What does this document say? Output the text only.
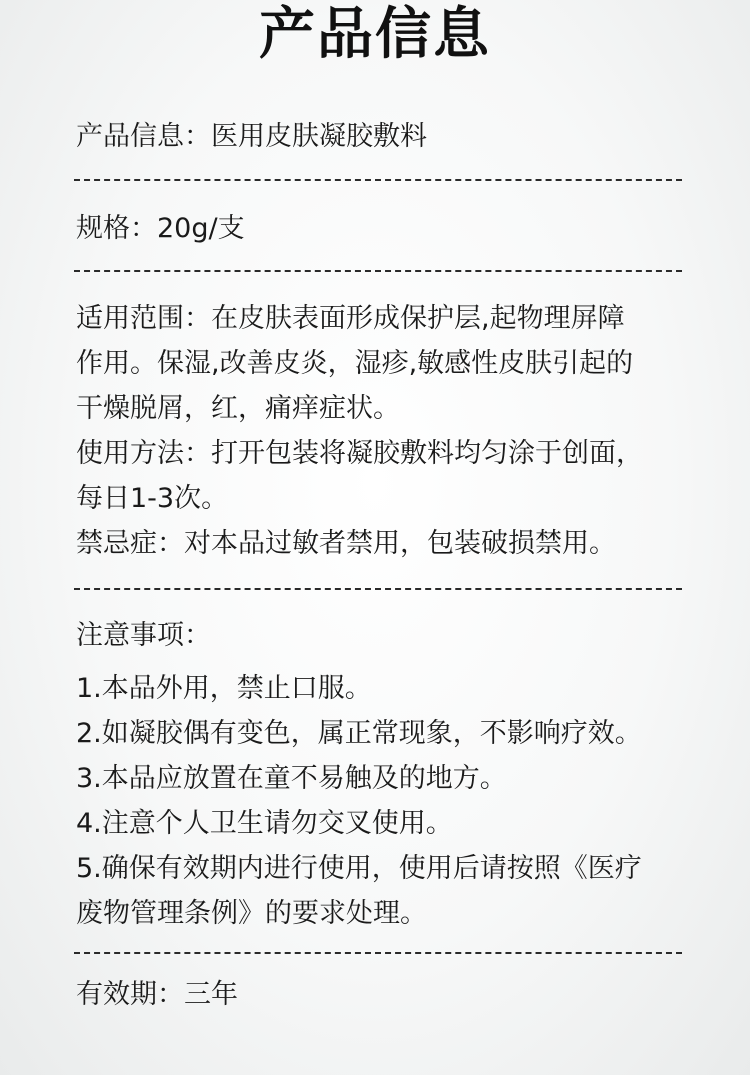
产品信息
产品信息：医用皮肤凝胶敷料
规格：20g/支
适用范围：在皮肤表面形成保护层,起物理屏障
作用。保湿,改善皮炎，湿疹,敏感性皮肤引起的
干燥脱屑，红，痛痒症状。
使用方法：打开包装将凝胶敷料均匀涂于创面，
每日1-3次。
禁忌症：对本品过敏者禁用，包装破损禁用。
注意事项：
1.本品外用，禁止口服。
2.如凝胶偶有变色，属正常现象，不影响疗效。
3.本品应放置在童不易触及的地方。
4.注意个人卫生请勿交叉使用。
5.确保有效期内进行使用，使用后请按照《医疗
废物管理条例》的要求处理。
有效期：三年
